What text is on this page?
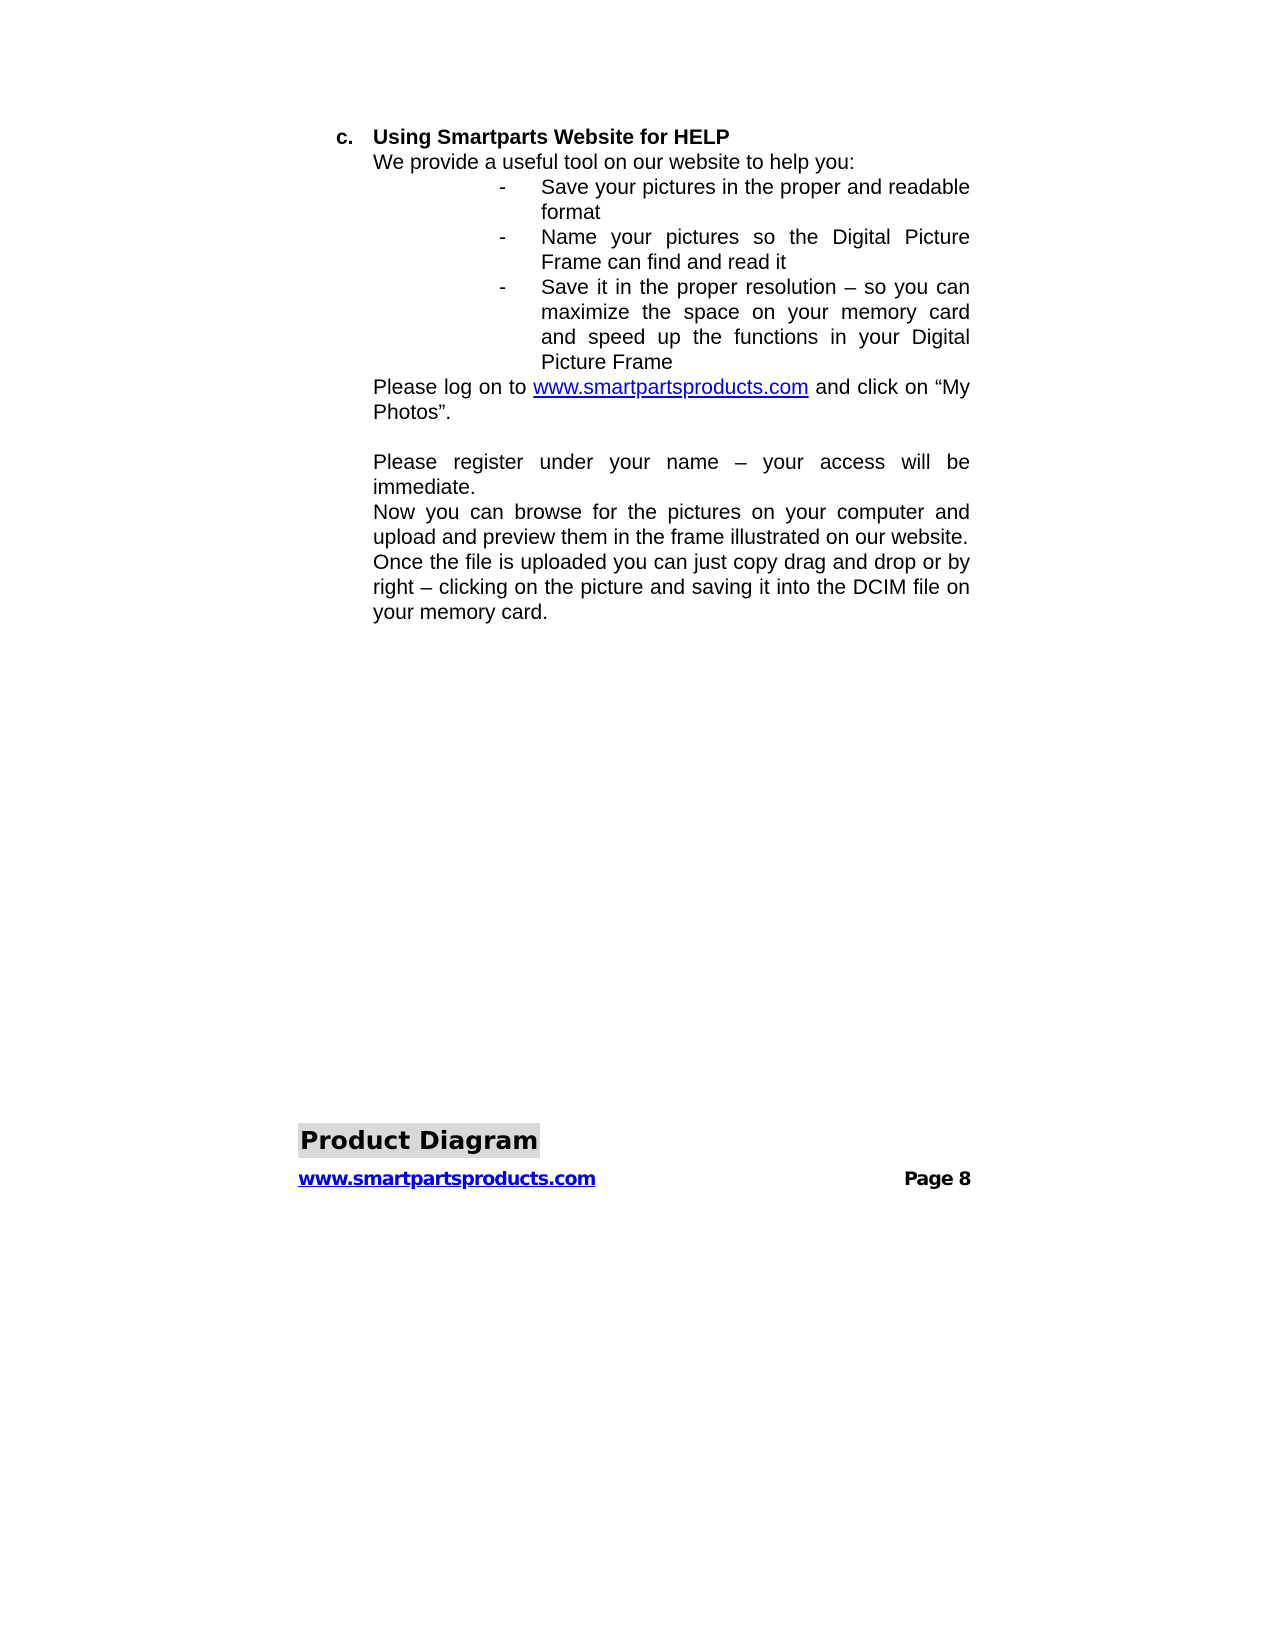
c. Using Smartparts Website for HELP

We provide a useful tool on our website to help you:

- Save your pictures in the proper and readable format
- Name your pictures so the Digital Picture Frame can find and read it
- Save it in the proper resolution – so you can maximize the space on your memory card and speed up the functions in your Digital Picture Frame

Please log on to www.smartpartsproducts.com and click on “My Photos”.

Please register under your name – your access will be immediate.

Now you can browse for the pictures on your computer and upload and preview them in the frame illustrated on our website.

Once the file is uploaded you can just copy drag and drop or by right – clicking on the picture and saving it into the DCIM file on your memory card.

Product Diagram
www.smartpartsproducts.com	Page 8
